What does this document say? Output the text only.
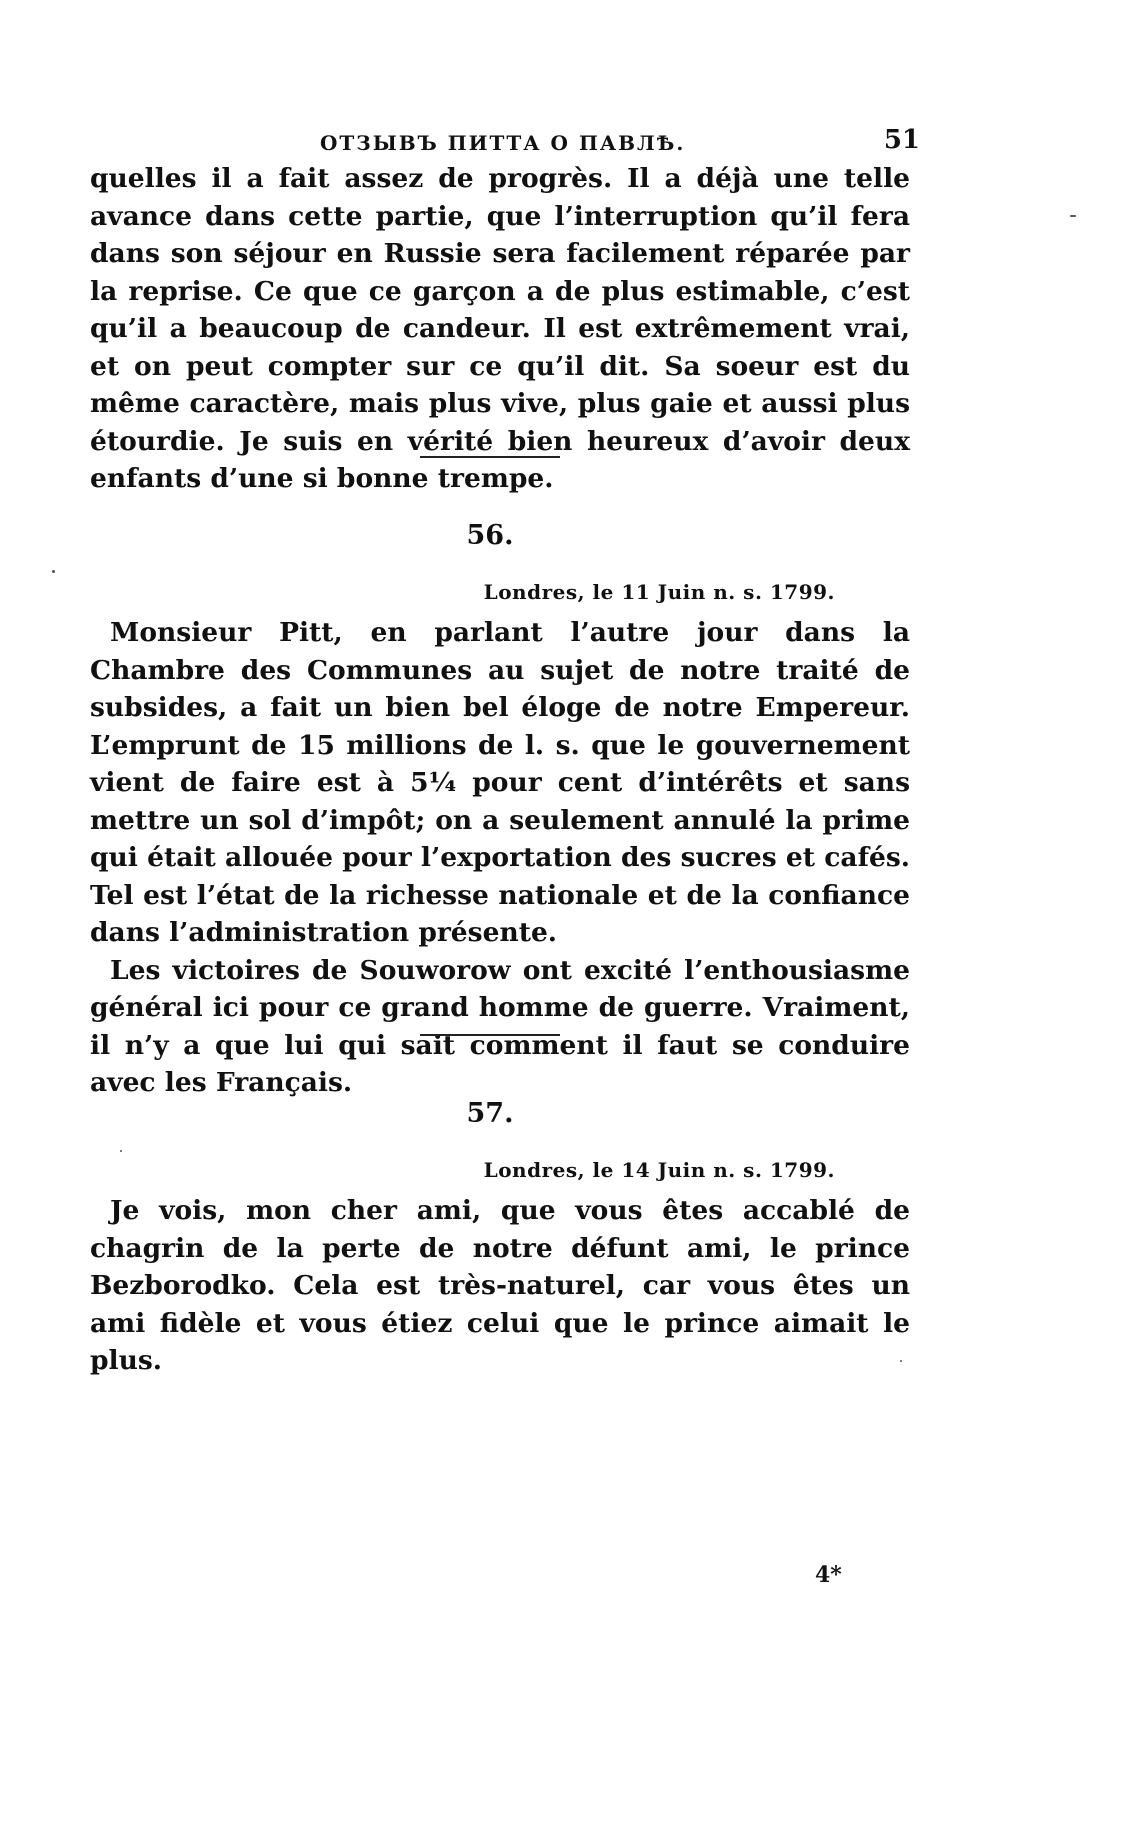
ОТЗЫВЪ ПИТТА О ПАВЛѢ.	51

quelles il a fait assez de progrès. Il a déjà une telle avance dans cette partie, que l’interruption qu’il fera dans son séjour en Russie sera facilement réparée par la reprise. Ce que ce garçon a de plus estimable, c’est qu’il a beaucoup de candeur. Il est extrêmement vrai, et on peut compter sur ce qu’il dit. Sa soeur est du même caractère, mais plus vive, plus gaie et aussi plus étourdie. Je suis en vérité bien heureux d’avoir deux enfants d’une si bonne trempe.

56.
Londres, le 11 Juin n. s. 1799.

Monsieur Pitt, en parlant l’autre jour dans la Chambre des Communes au sujet de notre traité de subsides, a fait un bien bel éloge de notre Empereur. L’emprunt de 15 millions de l. s. que le gouvernement vient de faire est à 5¼ pour cent d’intérêts et sans mettre un sol d’impôt; on a seulement annulé la prime qui était allouée pour l’exportation des sucres et cafés. Tel est l’état de la richesse nationale et de la confiance dans l’administration présente.

Les victoires de Souworow ont excité l’enthousiasme général ici pour ce grand homme de guerre. Vraiment, il n’y a que lui qui sait comment il faut se conduire avec les Français.

57.
Londres, le 14 Juin n. s. 1799.

Je vois, mon cher ami, que vous êtes accablé de chagrin de la perte de notre défunt ami, le prince Bezborodko. Cela est très-naturel, car vous êtes un ami fidèle et vous étiez celui que le prince aimait le plus.

4*
